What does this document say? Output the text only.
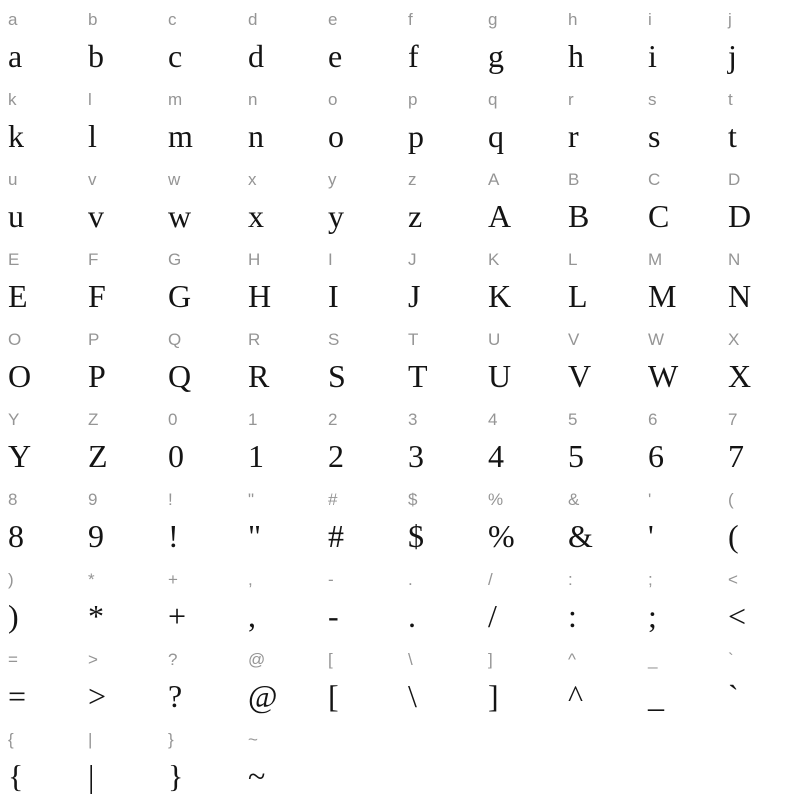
a
a
b
b
c
c
d
d
e
e
f
f
g
g
h
h
i
i
j
j
k
k
l
l
m
m
n
n
o
o
p
p
q
q
r
r
s
s
t
t
u
u
v
v
w
w
x
x
y
y
z
z
A
A
B
B
C
C
D
D
E
E
F
F
G
G
H
H
I
I
J
J
K
K
L
L
M
M
N
N
O
O
P
P
Q
Q
R
R
S
S
T
T
U
U
V
V
W
W
X
X
Y
Y
Z
Z
0
0
1
1
2
2
3
3
4
4
5
5
6
6
7
7
8
8
9
9
!
!
"
"
#
#
$
$
%
%
&
&
'
'
(
(
)
)
*
*
+
+
,
,
-
-
.
.
/
/
:
:
;
;
<
<
=
=
>
>
?
?
@
@
[
[
\
\
]
]
^
^
_
_
`
`
{
{
|
|
}
}
~
~
